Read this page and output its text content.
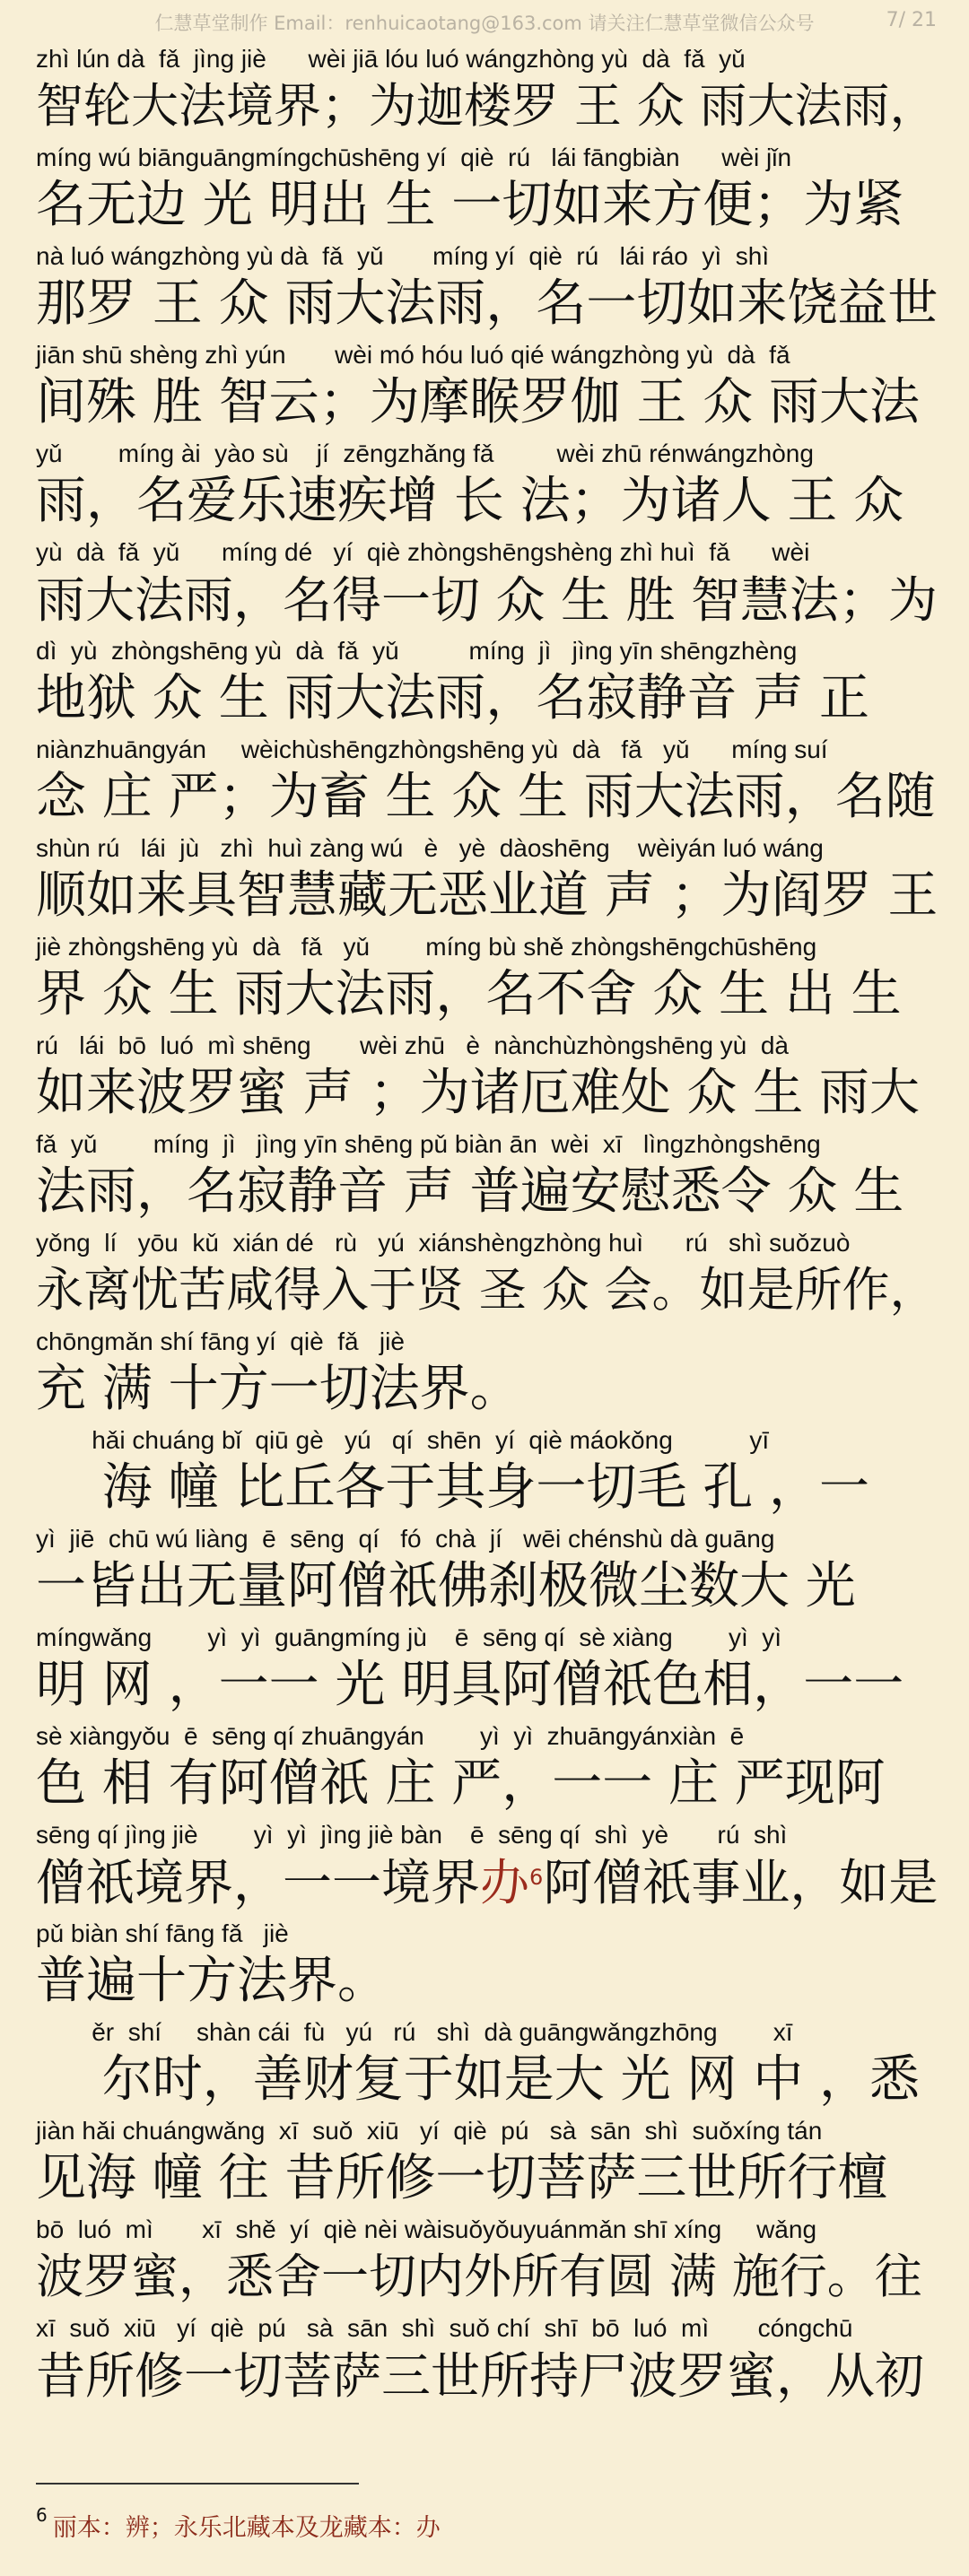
仁慧草堂制作 Email：renhuicaotang@163.com 请关注仁慧草堂微信公众号	7/ 21
zhì lún dà  fǎ  jìng jiè      wèi jiā lóu luó wángzhòng yù  dà  fǎ  yǔ
智轮大法境界；为迦楼罗 王 众 雨大法雨，
míng wú biānguāngmíngchūshēng yí  qiè  rú   lái fāngbiàn      wèi jǐn
名无边 光 明出 生 一切如来方便；为紧
nà luó wángzhòng yù dà  fǎ  yǔ       míng yí  qiè  rú   lái ráo  yì  shì
那罗 王 众 雨大法雨，名一切如来饶益世
jiān shū shèng zhì yún       wèi mó hóu luó qié wángzhòng yù  dà  fǎ
间殊 胜 智云；为摩睺罗伽 王 众 雨大法
yǔ        míng ài  yào sù    jí  zēngzhǎng fǎ         wèi zhū rénwángzhòng
雨，名爱乐速疾增 长 法；为诸人 王 众
yù  dà  fǎ  yǔ      míng dé   yí  qiè zhòngshēngshèng zhì huì  fǎ      wèi
雨大法雨，名得一切 众 生 胜 智慧法；为
dì  yù  zhòngshēng yù  dà  fǎ  yǔ          míng  jì   jìng yīn shēngzhèng
地狱 众 生 雨大法雨，名寂静音 声 正
niànzhuāngyán     wèichùshēngzhòngshēng yù  dà   fǎ   yǔ      míng suí
念 庄 严；为畜 生 众 生 雨大法雨，名随
shùn rú   lái  jù   zhì  huì zàng wú   è   yè  dàoshēng    wèiyán luó wáng
顺如来具智慧藏无恶业道 声 ；为阎罗 王
jiè zhòngshēng yù  dà   fǎ   yǔ        míng bù shě zhòngshēngchūshēng
界 众 生 雨大法雨，名不舍 众 生 出 生
rú   lái  bō  luó  mì shēng       wèi zhū   è  nànchùzhòngshēng yù  dà
如来波罗蜜 声 ；为诸厄难处 众 生 雨大
fǎ  yǔ        míng  jì   jìng yīn shēng pǔ biàn ān  wèi  xī   lìngzhòngshēng
法雨，名寂静音 声 普遍安慰悉令 众 生
yǒng  lí   yōu  kǔ  xián dé   rù   yú  xiánshèngzhòng huì      rú   shì suǒzuò
永离忧苦咸得入于贤 圣 众 会。如是所作，
chōngmǎn shí fāng yí  qiè  fǎ   jiè
充 满 十方一切法界。
hǎi chuáng bǐ  qiū gè   yú   qí  shēn  yí  qiè máokǒng           yī
　 海 幢 比丘各于其身一切毛 孔 ，一
yì  jiē  chū wú liàng  ē  sēng  qí   fó  chà  jí   wēi chénshù dà guāng
一皆出无量阿僧祇佛刹极微尘数大 光
míngwǎng        yì  yì  guāngmíng jù    ē  sēng qí  sè xiàng        yì  yì
明 网 ，一一 光 明具阿僧祇色相，一一
sè xiàngyǒu  ē  sēng qí zhuāngyán        yì  yì  zhuāngyánxiàn  ē
色 相 有阿僧祇 庄 严，一一 庄 严现阿
sēng qí jìng jiè        yì  yì  jìng jiè bàn    ē  sēng qí  shì  yè       rú  shì
僧祇境界，一一境界办$^6$阿僧祇事业，如是
pǔ biàn shí fāng fǎ   jiè
普遍十方法界。
ěr  shí     shàn cái  fù   yú   rú   shì  dà guāngwǎngzhōng        xī
　 尔时，善财复于如是大 光 网 中 ，悉
jiàn hǎi chuángwǎng  xī  suǒ  xiū   yí  qiè  pú   sà  sān  shì  suǒxíng tán
见海 幢 往 昔所修一切菩萨三世所行檀
bō  luó  mì       xī  shě  yí  qiè nèi wàisuǒyǒuyuánmǎn shī xíng     wǎng
波罗蜜，悉舍一切内外所有圆 满 施行。往
xī  suǒ  xiū   yí  qiè  pú   sà  sān  shì  suǒ chí  shī  bō  luó  mì       cóngchū
昔所修一切菩萨三世所持尸波罗蜜，从初
$^6$ 丽本：辨；永乐北藏本及龙藏本：办
